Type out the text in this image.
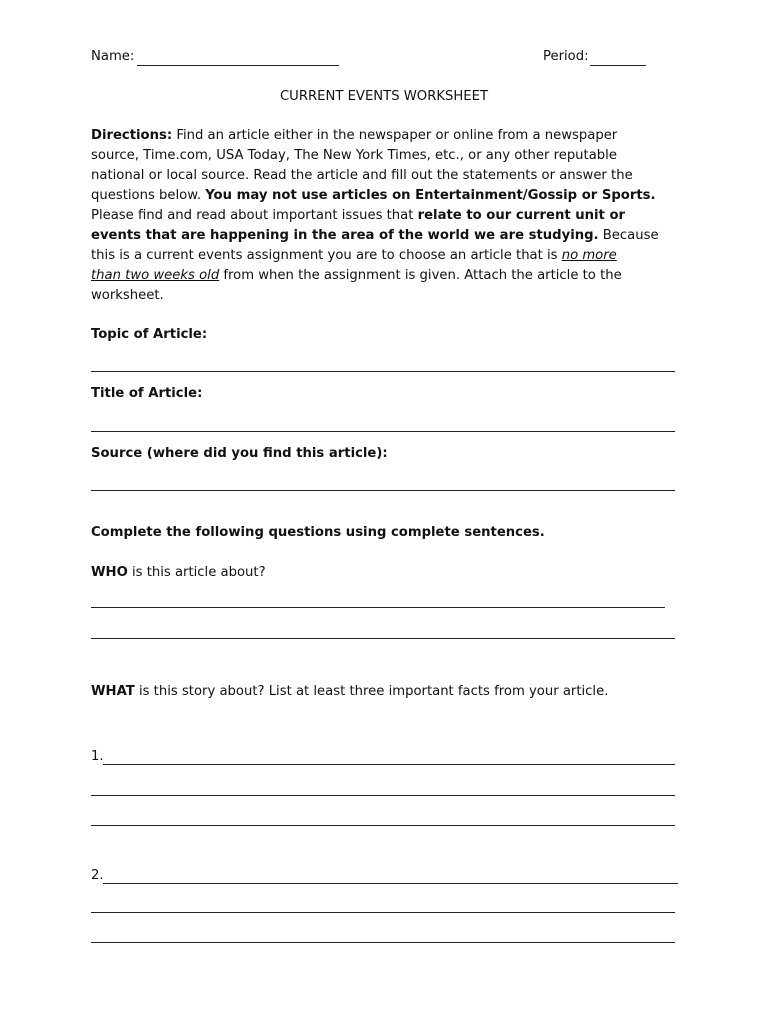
Name:	Period:
CURRENT EVENTS WORKSHEET
Directions: Find an article either in the newspaper or online from a newspaper
source, Time.com, USA Today, The New York Times, etc., or any other reputable
national or local source. Read the article and fill out the statements or answer the
questions below. You may not use articles on Entertainment/Gossip or Sports.
Please find and read about important issues that relate to our current unit or
events that are happening in the area of the world we are studying. Because
this is a current events assignment you are to choose an article that is no more
than two weeks old from when the assignment is given. Attach the article to the
worksheet.
Topic of Article:
Title of Article:
Source (where did you find this article):
Complete the following questions using complete sentences.
WHO is this article about?
WHAT is this story about? List at least three important facts from your article.
1.
2.
